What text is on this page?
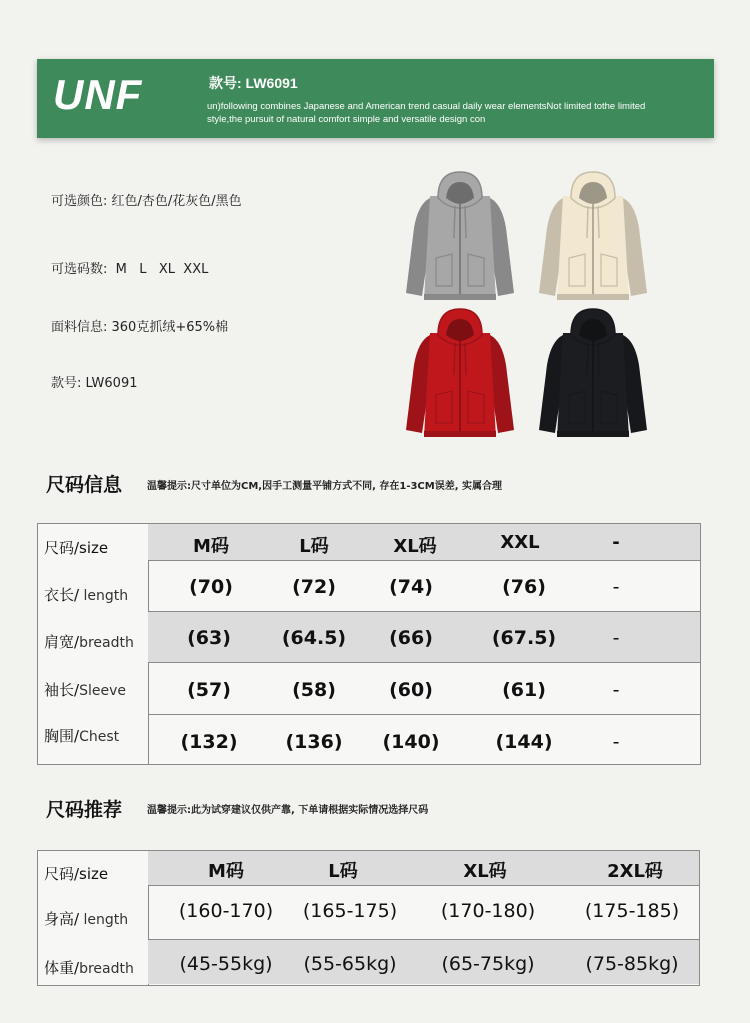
UNF	款号: LW6091
un)following combines Japanese and American trend casual daily wear elementsNot limited tothe limited style,the pursuit of natural comfort simple and versatile design con
可选颜色: 红色/杏色/花灰色/黑色
可选码数:  M   L   XL  XXL
面料信息: 360克抓绒+65%棉
款号: LW6091
尺码信息 温馨提示:尺寸单位为CM,因手工测量平铺方式不同, 存在1-3CM误差, 实属合理
尺码/size	M码	L码	XL码	XXL	-
衣长/ length	(70)	(72)	(74)	(76)	-
肩宽/breadth	(63)	(64.5) (66)	(67.5)	-
袖长/Sleeve	(57)	(58)	(60)	(61)	-
胸围/Chest	(132)	(136) (140)	(144)	-
尺码推荐 温馨提示:此为试穿建议仅供产靠, 下单请根据实际情况选择尺码
尺码/size	M码	L码	XL码	2XL码
身高/ length	(160-170) (165-175) (170-180)	(175-185)
体重/breadth (45-55kg) (55-65kg) (65-75kg)	(75-85kg)
